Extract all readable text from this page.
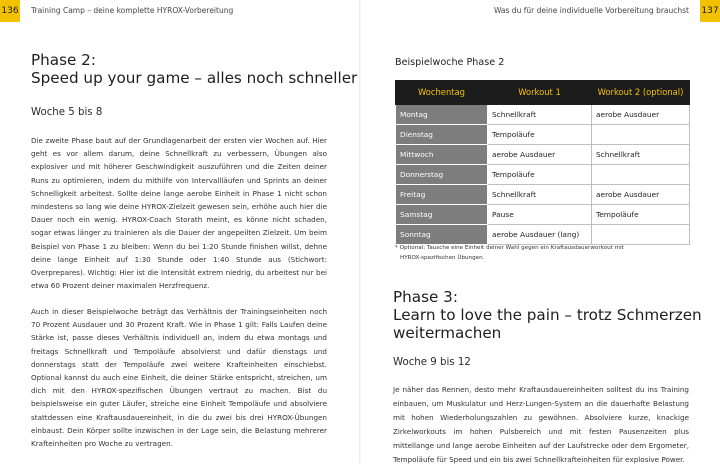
136 Training Camp – deine komplette HYROX-Vorbereitung
Phase 2:
Speed up your game – alles noch schneller
Woche 5 bis 8

Die zweite Phase baut auf der Grundlagenarbeit der ersten vier Wochen auf. Hier geht es vor allem darum, deine Schnellkraft zu verbessern, Übungen also explosiver und mit höherer Geschwindigkeit auszuführen und die Zeiten deiner Runs zu optimieren, indem du mithilfe von Intervallläufen und Sprints an deiner Schnelligkeit arbeitest. Sollte deine lange aerobe Einheit in Phase 1 nicht schon mindestens so lang wie deine HYROX-Zielzeit gewesen sein, erhöhe auch hier die Dauer noch ein wenig. HYROX-Coach Storath meint, es könne nicht schaden, sogar etwas länger zu trainieren als die Dauer der angepeilten Zielzeit. Um beim Beispiel von Phase 1 zu bleiben: Wenn du bei 1:20 Stunde finishen willst, dehne deine lange Einheit auf 1:30 Stunde oder 1:40 Stunde aus (Stichwort: Overprepares). Wichtig: Hier ist die Intensität extrem niedrig, du arbeitest nur bei etwa 60 Prozent deiner maximalen Herzfrequenz.

Auch in dieser Beispielwoche beträgt das Verhältnis der Trainingseinheiten noch 70 Prozent Ausdauer und 30 Prozent Kraft. Wie in Phase 1 gilt: Falls Laufen deine Stärke ist, passe dieses Verhältnis individuell an, indem du etwa montags und freitags Schnellkraft und Tempoläufe absolvierst und dafür dienstags und donnerstags statt der Tempoläufe zwei weitere Krafteinheiten einschiebst. Optional kannst du auch eine Einheit, die deiner Stärke entspricht, streichen, um dich mit den HYROX-spezifischen Übungen vertraut zu machen. Bist du beispielsweise ein guter Läufer, streiche eine Einheit Tempoläufe und absolviere stattdessen eine Kraftausdauereinheit, in die du zwei bis drei HYROX-Übungen einbaust. Dein Körper sollte inzwischen in der Lage sein, die Belastung mehrerer Krafteinheiten pro Woche zu vertragen.

Was du für deine individuelle Vorbereitung brauchst 137
Beispielwoche Phase 2
Wochentag	Workout 1	Workout 2 (optional)
Montag	Schnellkraft	aerobe Ausdauer
Dienstag	Tempoläufe	
Mittwoch	aerobe Ausdauer	Schnellkraft
Donnerstag	Tempoläufe	
Freitag	Schnellkraft	aerobe Ausdauer
Samstag	Pause	Tempoläufe
Sonntag	aerobe Ausdauer (lang)	
* Optional: Tausche eine Einheit deiner Wahl gegen ein Kraftausdauerworkout mit
HYROX-spezifischen Übungen.
Phase 3:
Learn to love the pain – trotz Schmerzen
weitermachen
Woche 9 bis 12

Je näher das Rennen, desto mehr Kraftausdauereinheiten solltest du ins Training einbauen, um Muskulatur und Herz-Lungen-System an die dauerhafte Belastung mit hohen Wiederholungszahlen zu gewöhnen. Absolviere kurze, knackige Zirkelworkouts im hohen Pulsbereich und mit festen Pausenzeiten plus mittellange und lange aerobe Einheiten auf der Laufstrecke oder dem Ergometer, Tempoläufe für Speed und ein bis zwei Schnellkrafteinheiten für explosive Power.
